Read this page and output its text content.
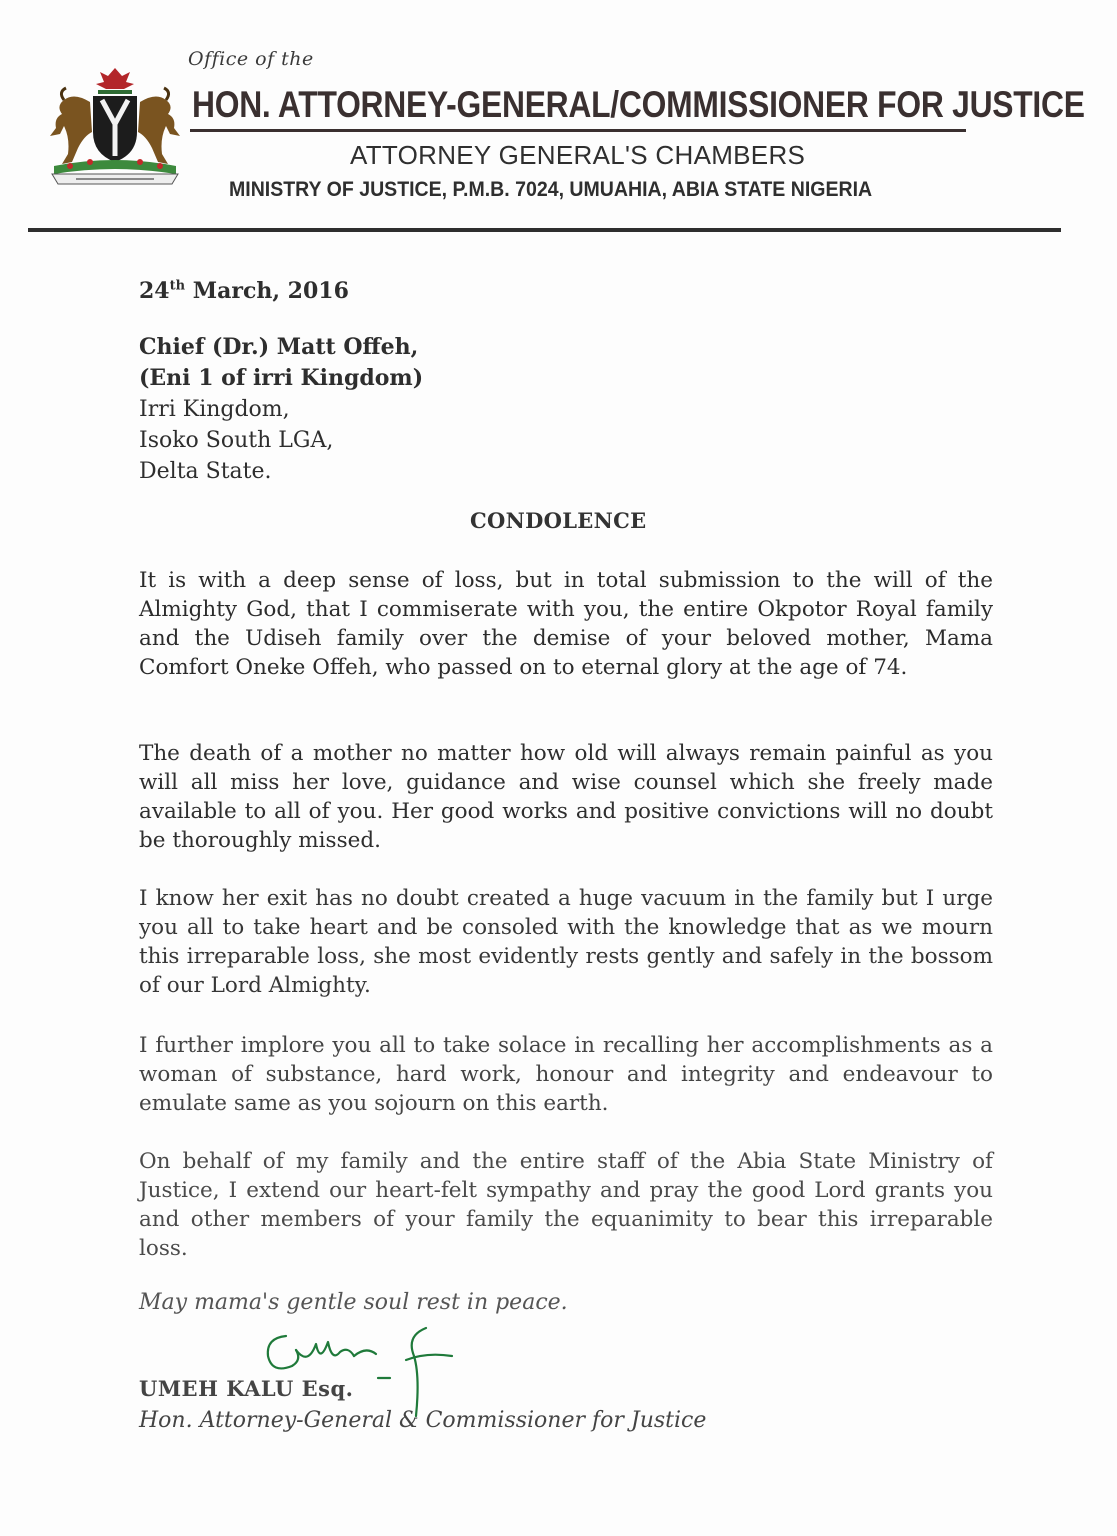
Office of the
HON. ATTORNEY-GENERAL/COMMISSIONER FOR JUSTICE
ATTORNEY GENERAL'S CHAMBERS
MINISTRY OF JUSTICE, P.M.B. 7024, UMUAHIA, ABIA STATE NIGERIA
24th March, 2016
Chief (Dr.) Matt Offeh,
(Eni 1 of irri Kingdom)
Irri Kingdom,
Isoko South LGA,
Delta State.
CONDOLENCE
It is with a deep sense of loss, but in total submission to the will of the Almighty God, that I commiserate with you, the entire Okpotor Royal family and the Udiseh family over the demise of your beloved mother, Mama Comfort Oneke Offeh, who passed on to eternal glory at the age of 74.
The death of a mother no matter how old will always remain painful as you will all miss her love, guidance and wise counsel which she freely made available to all of you. Her good works and positive convictions will no doubt be thoroughly missed.
I know her exit has no doubt created a huge vacuum in the family but I urge you all to take heart and be consoled with the knowledge that as we mourn this irreparable loss, she most evidently rests gently and safely in the bossom of our Lord Almighty.
I further implore you all to take solace in recalling her accomplishments as a woman of substance, hard work, honour and integrity and endeavour to emulate same as you sojourn on this earth.
On behalf of my family and the entire staff of the Abia State Ministry of Justice, I extend our heart-felt sympathy and pray the good Lord grants you and other members of your family the equanimity to bear this irreparable loss.
May mama's gentle soul rest in peace.
UMEH KALU Esq.
Hon. Attorney-General & Commissioner for Justice
